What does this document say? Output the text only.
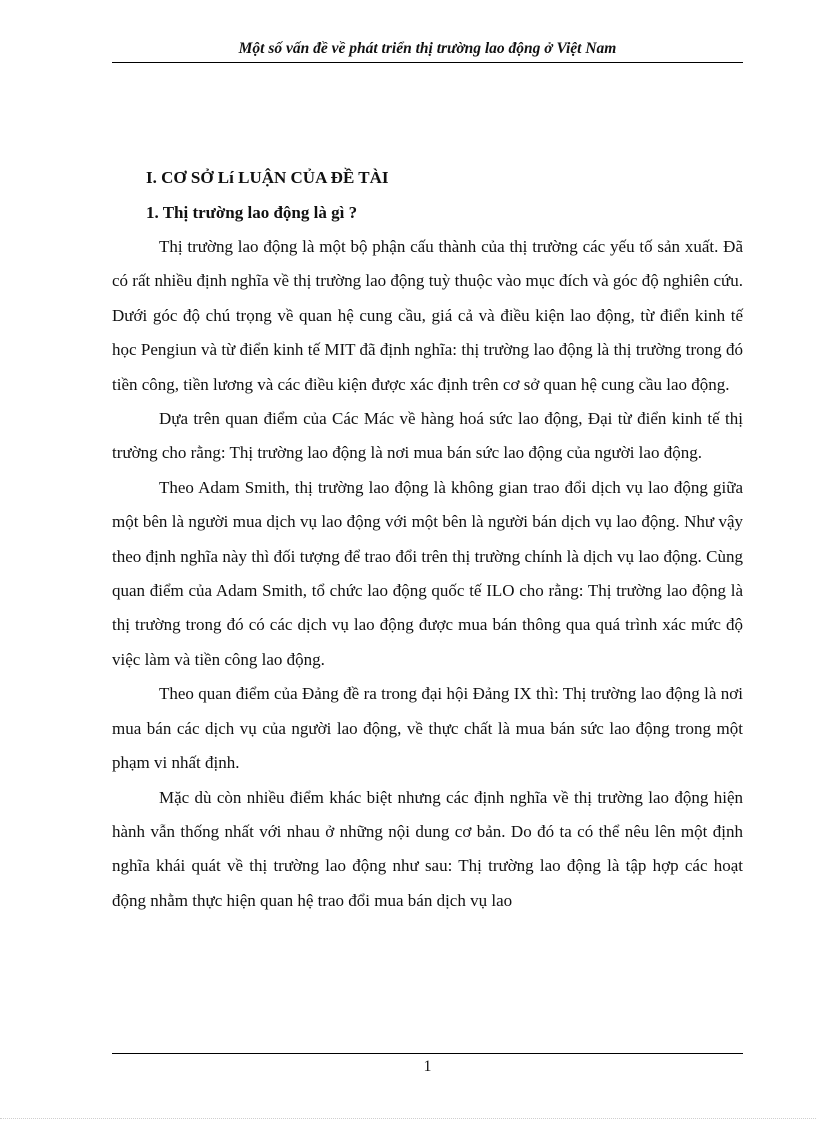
Một số vấn đề về phát triển thị trường lao động ở Việt Nam
I. CƠ SỞ Lí LUẬN CỦA ĐỀ TÀI
1. Thị trường lao động là gì ?

Thị trường lao động là một bộ phận cấu thành của thị trường các yếu tố sản xuất. Đã có rất nhiều định nghĩa về thị trường lao động tuỳ thuộc vào mục đích và góc độ nghiên cứu. Dưới góc độ chú trọng về quan hệ cung cầu, giá cả và điều kiện lao động, từ điển kinh tế học Pengiun và từ điển kinh tế MIT đã định nghĩa: thị trường lao động là thị trường trong đó tiền công, tiền lương và các điều kiện được xác định trên cơ sở quan hệ cung cầu lao động.

Dựa trên quan điểm của Các Mác về hàng hoá sức lao động, Đại từ điển kinh tế thị trường cho rằng: Thị trường lao động là nơi mua bán sức lao động của người lao động.

Theo Adam Smith, thị trường lao động là không gian trao đổi dịch vụ lao động giữa một bên là người mua dịch vụ lao động với một bên là người bán dịch vụ lao động. Như vậy theo định nghĩa này thì đối tượng để trao đổi trên thị trường chính là dịch vụ lao động. Cùng quan điểm của Adam Smith, tổ chức lao động quốc tế ILO cho rằng: Thị trường lao động là thị trường trong đó có các dịch vụ lao động được mua bán thông qua quá trình xác mức độ việc làm và tiền công lao động.

Theo quan điểm của Đảng đề ra trong đại hội Đảng IX thì: Thị trường lao động là nơi mua bán các dịch vụ của người lao động, về thực chất là mua bán sức lao động trong một phạm vi nhất định.

Mặc dù còn nhiều điểm khác biệt nhưng các định nghĩa về thị trường lao động hiện hành vẫn thống nhất với nhau ở những nội dung cơ bản. Do đó ta có thể nêu lên một định nghĩa khái quát về thị trường lao động như sau: Thị trường lao động là tập hợp các hoạt động nhằm thực hiện quan hệ trao đổi mua bán dịch vụ lao

1
